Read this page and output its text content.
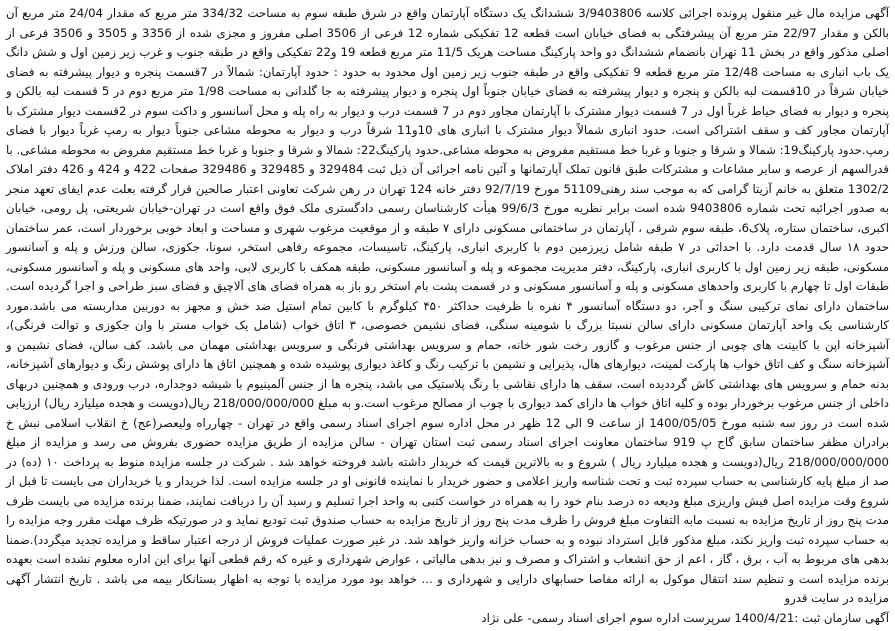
آگهی مزایده مال غیر منقول پرونده اجرائی کلاسه 3/9403806 ششدانگ یک دستگاه آپارتمان واقع در شرق طبقه سوم به مساحت 334/32 متر مربع که مقدار 24/04 متر مربع آن بالکن و مقدار 22/97 متر مربع آن پیشرفتگی به فضای خیابان است قطعه 12 تفکیکی شماره 12 فرعی از 3506 اصلی مفروز و مجزی شده از 3356 و 3505 و 3506 فرعی از اصلی مذکور واقع در بخش 11 تهران بانضمام ششدانگ دو واحد پارکینگ مساحت هریک 11/5 متر مربع قطعه 19 و22 تفکیکی واقع در طبقه جنوب و غرب زیر زمین اول و شش دانگ یک باب انباری به مساحت 12/48 متر مربع قطعه 9 تفکیکی واقع در طبقه جنوب زیر زمین اول محدود به حدود : حدود آپارتمان: شمالاً در 7قسمت پنجره و دیوار پیشرفته به فضای خیابان شرقاً در 10قسمت لبه بالکن و پنجره و دیوار پیشرفته به فضای خیابان جنوباً اول پنجره و دیوار پیشرفته به جا گلدانی به مساحت 1/98 متر مربع دوم در 5 قسمت لبه بالکن و پنجره و دیوار به فضای حیاط غرباً اول در 7 قسمت دیوار مشترک با آپارتمان مجاور دوم در 7 قسمت درب و دیوار به راه پله و محل آسانسور و داکت سوم در 2قسمت دیوار مشترک با آپارتمان مجاور کف و سقف اشتراکی است. حدود انباری شمالاً دیوار مشترک با انباری های 10و11 شرقاً درب و دیوار به محوطه مشاعی جنوباً دیوار به رمپ غرباً دیوار با فضای رمپ.حدود پارکینگ19: شمالا و شرقا و جنوبا و غربا خط مستقیم مفروض به محوطه مشاعی.حدود پارکینگ22: شمالا و شرقا و جنوبا و غربا خط مستقیم مفروض به محوطه مشاعی. با قدرالسهم از عرصه و سایر مشاعات و مشترکات طبق قانون تملک آپارتمانها و آئین نامه اجرائی آن ذیل ثبت 329484 و 329485 و 329486 صفحات 422 و 424 و 426 دفتر املاک 1302/2 متعلق به خانم آزیتا گرامی که به موجب سند رهنی51109 مورخ 92/7/19 دفتر خانه 124 تهران در رهن شرکت تعاونی اعتبار صالحین قرار گرفته بعلت عدم ایفای تعهد منجر به صدور اجرائیه تحت شماره 9403806 شده است برابر نظریه مورخ 99/6/3 هیأت کارشناسان رسمی دادگستری ملک فوق واقع است در تهران-خیابان شریعتی، پل رومی، خیابان اکبری، ساختمان ستاره، پلاک6، طبقه سوم شرقی ، آپارتمان در ساختمانی مسکونی دارای ۷ طبقه و از موقعیت مرغوب شهری و مساحت و ابعاد خوبی برخوردار است، عمر ساختمان حدود ۱۸ سال قدمت دارد. با احداثی در ۷ طبقه شامل زیرزمین دوم با کاربری انباری، پارکینگ، تاسیسات، مجموعه رفاهی استخر، سونا، جکوزی، سالن ورزش و پله و آسانسور مسکونی، طبقه زیر زمین اول با کاربری انباری، پارکینگ، دفتر مدیریت مجموعه و پله و آسانسور مسکونی، طبقه همکف با کاربری لابی، واحد های مسکونی و پله و آسانسور مسکونی، طبقات اول تا چهارم با کاربری واحدهای مسکونی و پله و آسانسور مسکونی و در قسمت پشت بام استخر رو باز به همراه فضای های آلاچیق و فضای سبز طراحی و اجرا گردیده است. ساختمان دارای نمای ترکیبی سنگ و آجر، دو دستگاه آسانسور ۴ نفره با ظرفیت حداکثر ۴۵۰ کیلوگرم با کابین تمام استیل ضد خش و مجهز به دوربین مداربسته می باشد.مورد کارشناسی یک واحد آپارتمان مسکونی دارای سالن نسبتا بزرگ با شومینه سنگی، فضای نشیمن خصوصی، ۳ اتاق خواب (شامل یک خواب مستر با وان جکوزی و توالت فرنگی)، آشپزخانه اپن با کابینت های چوبی از جنس مرغوب و گازور رخت شور خانه، حمام و سرویس بهداشتی فرنگی و سرویس بهداشتی مهمان می باشد. کف سالن، فضای نشیمن و آشپزخانه سنگ و کف اتاق خواب ها پارکت لمینت، دیوارهای هال، پذیرایی و نشیمن با ترکیب رنگ و کاغذ دیواری پوشیده شده و همچنین اتاق ها دارای پوشش رنگ و دیوارهای آشپزخانه، بدنه حمام و سرویس های بهداشتی کاش گرددیده است، سقف ها دارای نقاشی با رنگ پلاستیک می باشد، پنجره ها از جنس آلمینیوم با شیشه دوجداره، درب ورودی و همچنین دربهای داخلی از جنس مرغوب برخوردار بوده و کلیه اتاق خواب ها دارای کمد دیواری با چوب از مصالح مرغوب است.و به مبلغ 218/000/000/000 ریال(دویست و هجده میلیارد ریال) ارزیابی شده است در روز سه شنبه مورخ 1400/05/05 از ساعت 9 الی 12 ظهر در محل اداره سوم اجرای اسناد رسمی واقع در تهران - چهارراه ولیعصر(عج) خ انقلاب اسلامی نبش خ برادران مظفر ساختمان سابق گاج پ 919 ساختمان معاونت اجرای اسناد رسمی ثبت استان تهران - سالن مزایده از طریق مزایده حضوری بفروش می رسد و مزایده از مبلغ 218/000/000/000 ریال(دویست و هجده میلیارد ریال ) شروع و به بالاترین قیمت که خریدار داشته باشد فروخته خواهد شد . شرکت در جلسه مزایده منوط به پرداخت ۱۰ (ده) در صد از مبلغ پایه کارشناسی به حساب سپرده ثبت و تحت شناسه واریز اعلامی و حضور خریدار با نماینده قانونی او در جلسه مزایده است. لذا خریدار و یا خریداران می بایست تا قبل از شروع وقت مزایده اصل فیش واریزی مبلغ ودیعه ده درصد بنام خود را به همراه در خواست کتبی به واحد اجرا تسلیم و رسید آن را دریافت نمایند، ضمنا برنده مزایده می بایست ظرف مدت پنج روز از تاریخ مزایده به نسبت مابه التفاوت مبلغ فروش را ظرف مدت پنج روز از تاریخ مزایده به حساب صندوق ثبت تودیع نماید و در صورتیکه ظرف مهلت مقرر وجه مزایده را به حساب سپرده ثبت واریز نکند، مبلغ مذکور قابل استرداد نبوده و به حساب خزانه واریز خواهد شد. در غیر صورت عملیات فروش از درجه اعتبار ساقط و مزایده تجدید میگردد).ضمنا بدهی های مربوط به آب ، برق ، گاز ، اعم از حق انشعاب و اشتراک و مصرف و نیز بدهی مالیاتی ، عوارض شهرداری و غیره که رقم قطعی آنها برای این اداره معلوم نشده است بعهده برنده مزایده است و تنظیم سند انتقال موکول به ارائه مفاصا حسابهای دارایی و شهرداری و ... خواهد بود مورد مزایده با توجه به اظهار بستانکار بیمه می باشد . تاریخ انتشار آگهی مزایده در سایت قدرو

آگهی سازمان ثبت :1400/4/21 سرپرست اداره سوم اجرای اسناد رسمی- علی نژاد
